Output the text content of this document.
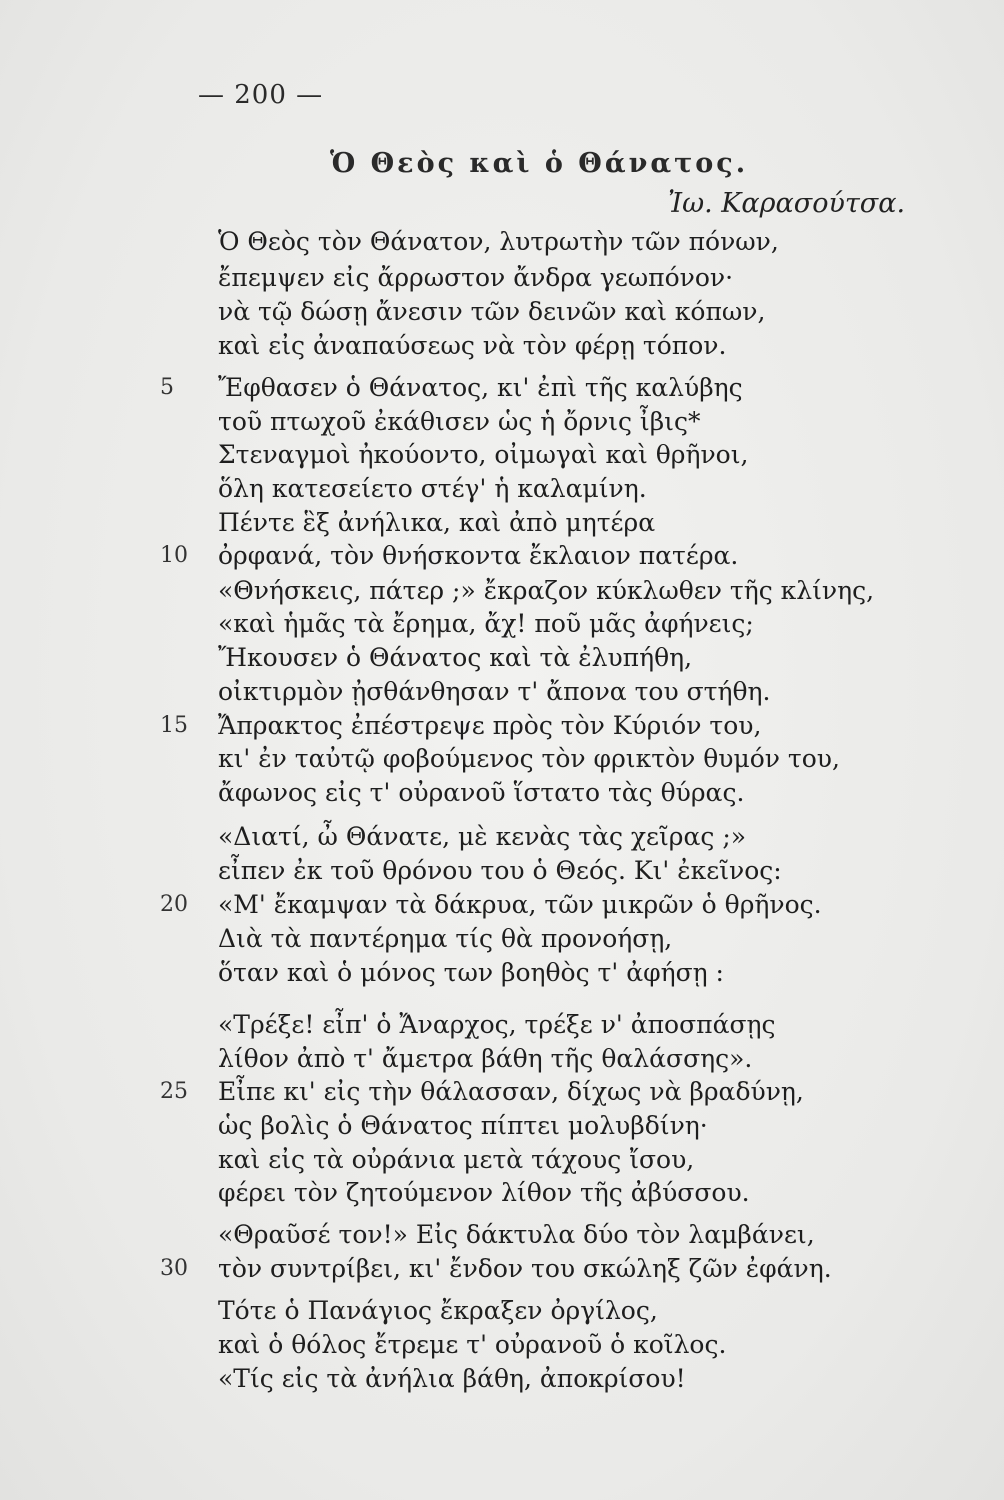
— 200 —
Ὁ Θεὸς καὶ ὁ Θάνατος.
Ἰω. Καρασούτσα.
Ὁ Θεὸς τὸν Θάνατον, λυτρωτὴν τῶν πόνων,
ἔπεμψεν εἰς ἄρρωστον ἄνδρα γεωπόνον·
νὰ τῷ δώσῃ ἄνεσιν τῶν δεινῶν καὶ κόπων,
καὶ εἰς ἀναπαύσεως νὰ τὸν φέρῃ τόπον.
Ἔφθασεν ὁ Θάνατος, κι' ἐπὶ τῆς καλύβης
τοῦ πτωχοῦ ἐκάθισεν ὡς ἡ ὄρνις ἶβις*
Στεναγμοὶ ἠκούοντο, οἰμωγαὶ καὶ θρῆνοι,
ὅλη κατεσείετο στέγ' ἡ καλαμίνη.
Πέντε ἓξ ἀνήλικα, καὶ ἀπὸ μητέρα
ὀρφανά, τὸν θνήσκοντα ἔκλαιον πατέρα.
«Θνήσκεις, πάτερ ;» ἔκραζον κύκλωθεν τῆς κλίνης,
«καὶ ἡμᾶς τὰ ἔρημα, ἄχ! ποῦ μᾶς ἀφήνεις;
Ἤκουσεν ὁ Θάνατος καὶ τὰ ἐλυπήθη,
οἰκτιρμὸν ᾐσθάνθησαν τ' ἄπονα του στήθη.
Ἄπρακτος ἐπέστρεψε πρὸς τὸν Κύριόν του,
κι' ἐν ταὐτῷ φοβούμενος τὸν φρικτὸν θυμόν του,
ἄφωνος εἰς τ' οὐρανοῦ ἵστατο τὰς θύρας.
«Διατί, ὦ Θάνατε, μὲ κενὰς τὰς χεῖρας ;»
εἶπεν ἐκ τοῦ θρόνου του ὁ Θεός. Κι' ἐκεῖνος:
«Μ' ἔκαμψαν τὰ δάκρυα, τῶν μικρῶν ὁ θρῆνος.
Διὰ τὰ παντέρημα τίς θὰ προνοήσῃ,
ὅταν καὶ ὁ μόνος των βοηθὸς τ' ἀφήσῃ :
«Τρέξε! εἶπ' ὁ Ἄναρχος, τρέξε ν' ἀποσπάσῃς
λίθον ἀπὸ τ' ἄμετρα βάθη τῆς θαλάσσης».
Εἶπε κι' εἰς τὴν θάλασσαν, δίχως νὰ βραδύνῃ,
ὡς βολὶς ὁ Θάνατος πίπτει μολυβδίνη·
καὶ εἰς τὰ οὐράνια μετὰ τάχους ἴσου,
φέρει τὸν ζητούμενον λίθον τῆς ἀβύσσου.
«Θραῦσέ τον!» Εἰς δάκτυλα δύο τὸν λαμβάνει,
τὸν συντρίβει, κι' ἔνδον του σκώληξ ζῶν ἐφάνη.
Τότε ὁ Πανάγιος ἔκραξεν ὀργίλος,
καὶ ὁ θόλος ἔτρεμε τ' οὐρανοῦ ὁ κοῖλος.
«Τίς εἰς τὰ ἀνήλια βάθη, ἀποκρίσου!
5
10
15
20
25
30
